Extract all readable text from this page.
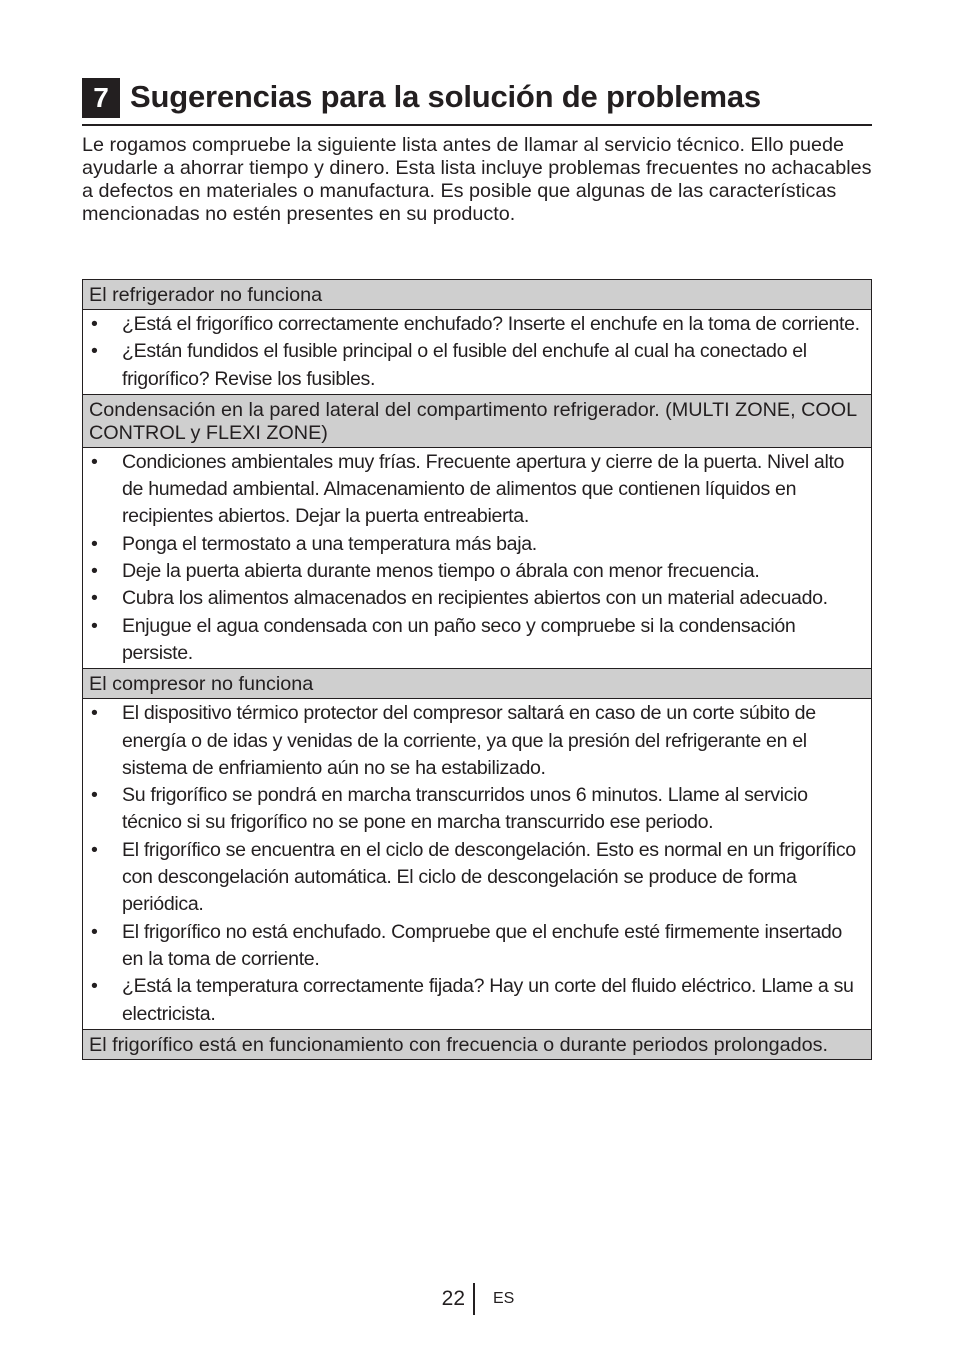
7 Sugerencias para la solución de problemas

Le rogamos compruebe la siguiente lista antes de llamar al servicio técnico. Ello puede ayudarle a ahorrar tiempo y dinero. Esta lista incluye problemas frecuentes no achacables a defectos en materiales o manufactura. Es posible que algunas de las características mencionadas no estén presentes en su producto.

El refrigerador no funciona

• ¿Está el frigorífico correctamente enchufado? Inserte el enchufe en la toma de corriente.
• ¿Están fundidos el fusible principal o el fusible del enchufe al cual ha conectado el frigorífico? Revise los fusibles.

Condensación en la pared lateral del compartimento refrigerador. (MULTI ZONE, COOL CONTROL y FLEXI ZONE)

• Condiciones ambientales muy frías. Frecuente apertura y cierre de la puerta. Nivel alto de humedad ambiental. Almacenamiento de alimentos que contienen líquidos en recipientes abiertos. Dejar la puerta entreabierta.
• Ponga el termostato a una temperatura más baja.
• Deje la puerta abierta durante menos tiempo o ábrala con menor frecuencia.
• Cubra los alimentos almacenados en recipientes abiertos con un material adecuado.
• Enjugue el agua condensada con un paño seco y compruebe si la condensación persiste.

El compresor no funciona

• El dispositivo térmico protector del compresor saltará en caso de un corte súbito de energía o de idas y venidas de la corriente, ya que la presión del refrigerante en el sistema de enfriamiento aún no se ha estabilizado.
• Su frigorífico se pondrá en marcha transcurridos unos 6 minutos. Llame al servicio técnico si su frigorífico no se pone en marcha transcurrido ese periodo.
• El frigorífico se encuentra en el ciclo de descongelación. Esto es normal en un frigorífico con descongelación automática. El ciclo de descongelación se produce de forma periódica.
• El frigorífico no está enchufado. Compruebe que el enchufe esté firmemente insertado en la toma de corriente.
• ¿Está la temperatura correctamente fijada? Hay un corte del fluido eléctrico. Llame a su electricista.

El frigorífico está en funcionamiento con frecuencia o durante periodos prolongados.
22 ES
